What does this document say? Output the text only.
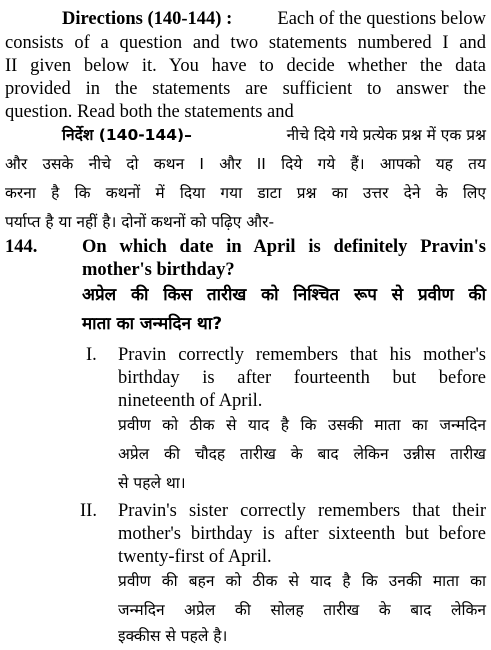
Directions (140-144) : Each of the questions below
consists of a question and two statements numbered I and
II given below it. You have to decide whether the data
provided in the statements are sufficient to answer the
question. Read both the statements and
निर्देश (140-144)–	नीचे दिये गये प्रत्येक प्रश्न में एक प्रश्न
और उसके नीचे दो कथन I और II दिये गये हैं। आपको यह तय
करना है कि कथनों में दिया गया डाटा प्रश्न का उत्तर देने के लिए
पर्याप्त है या नहीं है। दोनों कथनों को पढ़िए और-
144. On which date in April is definitely Pravin's
mother's birthday?
अप्रेल की किस तारीख को निश्चित रूप से प्रवीण की
माता का जन्मदिन था?
I. Pravin correctly remembers that his mother's
birthday is after fourteenth but before
nineteenth of April.
प्रवीण को ठीक से याद है कि उसकी माता का जन्मदिन
अप्रेल की चौदह तारीख के बाद लेकिन उन्नीस तारीख
से पहले था।
II. Pravin's sister correctly remembers that their
mother's birthday is after sixteenth but before
twenty-first of April.
प्रवीण की बहन को ठीक से याद है कि उनकी माता का
जन्मदिन अप्रेल की सोलह तारीख के बाद लेकिन
इक्कीस से पहले है।
